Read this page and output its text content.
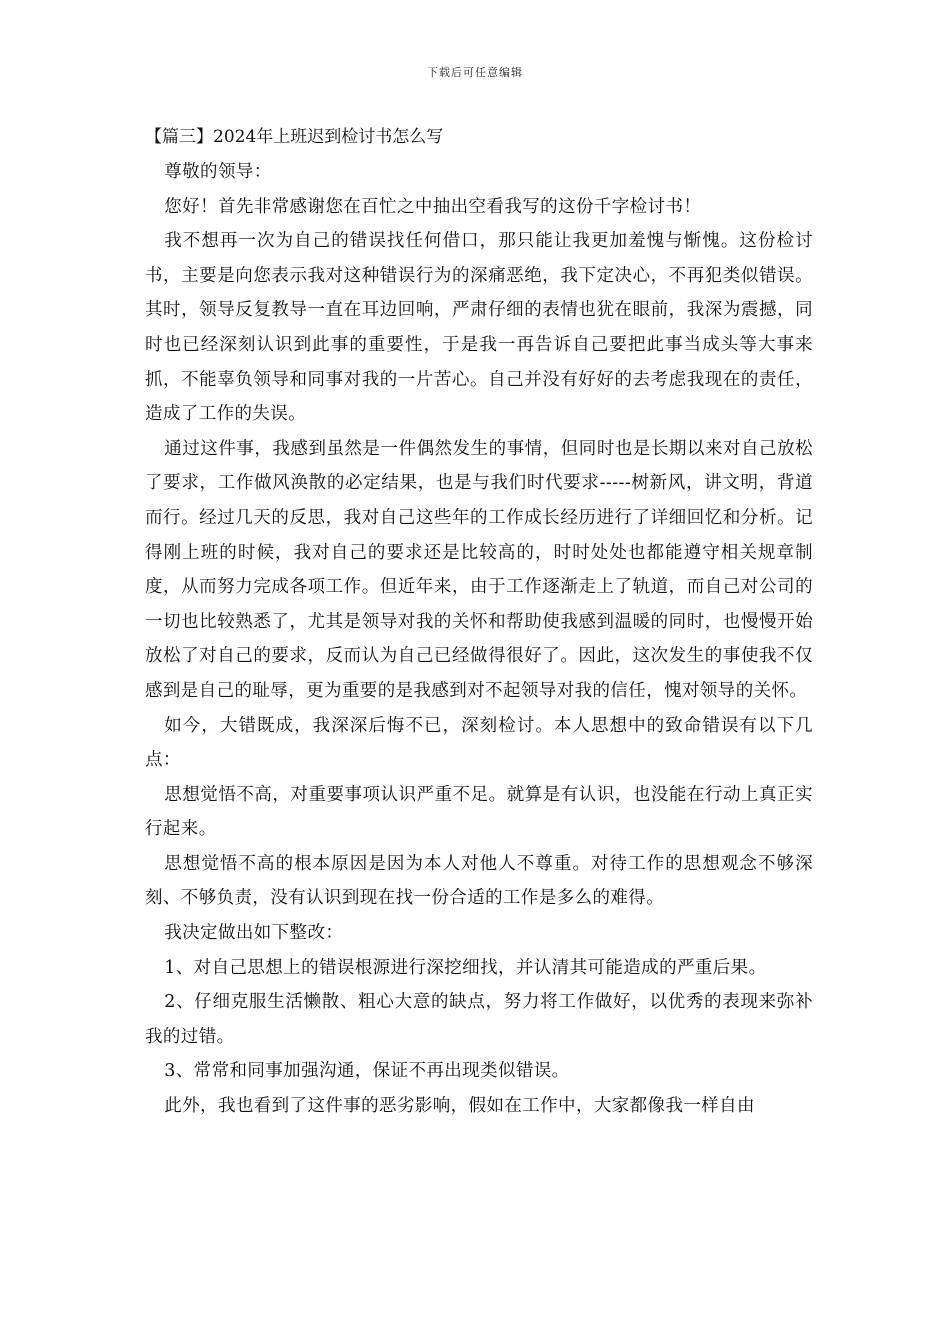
下载后可任意编辑

【篇三】2024年上班迟到检讨书怎么写

尊敬的领导：

您好！首先非常感谢您在百忙之中抽出空看我写的这份千字检讨书！

我不想再一次为自己的错误找任何借口，那只能让我更加羞愧与惭愧。这份检讨书，主要是向您表示我对这种错误行为的深痛恶绝，我下定决心，不再犯类似错误。其时，领导反复教导一直在耳边回响，严肃仔细的表情也犹在眼前，我深为震撼，同时也已经深刻认识到此事的重要性，于是我一再告诉自己要把此事当成头等大事来抓，不能辜负领导和同事对我的一片苦心。自己并没有好好的去考虑我现在的责任，造成了工作的失误。

通过这件事，我感到虽然是一件偶然发生的事情，但同时也是长期以来对自己放松了要求，工作做风涣散的必定结果，也是与我们时代要求-----树新风，讲文明，背道而行。经过几天的反思，我对自己这些年的工作成长经历进行了详细回忆和分析。记得刚上班的时候，我对自己的要求还是比较高的，时时处处也都能遵守相关规章制度，从而努力完成各项工作。但近年来，由于工作逐渐走上了轨道，而自己对公司的一切也比较熟悉了，尤其是领导对我的关怀和帮助使我感到温暖的同时，也慢慢开始放松了对自己的要求，反而认为自己已经做得很好了。因此，这次发生的事使我不仅感到是自己的耻辱，更为重要的是我感到对不起领导对我的信任，愧对领导的关怀。

如今，大错既成，我深深后悔不已，深刻检讨。本人思想中的致命错误有以下几点：

思想觉悟不高，对重要事项认识严重不足。就算是有认识，也没能在行动上真正实行起来。

思想觉悟不高的根本原因是因为本人对他人不尊重。对待工作的思想观念不够深刻、不够负责，没有认识到现在找一份合适的工作是多么的难得。

我决定做出如下整改：

1、对自己思想上的错误根源进行深挖细找，并认清其可能造成的严重后果。

2、仔细克服生活懒散、粗心大意的缺点，努力将工作做好，以优秀的表现来弥补我的过错。

3、常常和同事加强沟通，保证不再出现类似错误。

此外，我也看到了这件事的恶劣影响，假如在工作中，大家都像我一样自由
